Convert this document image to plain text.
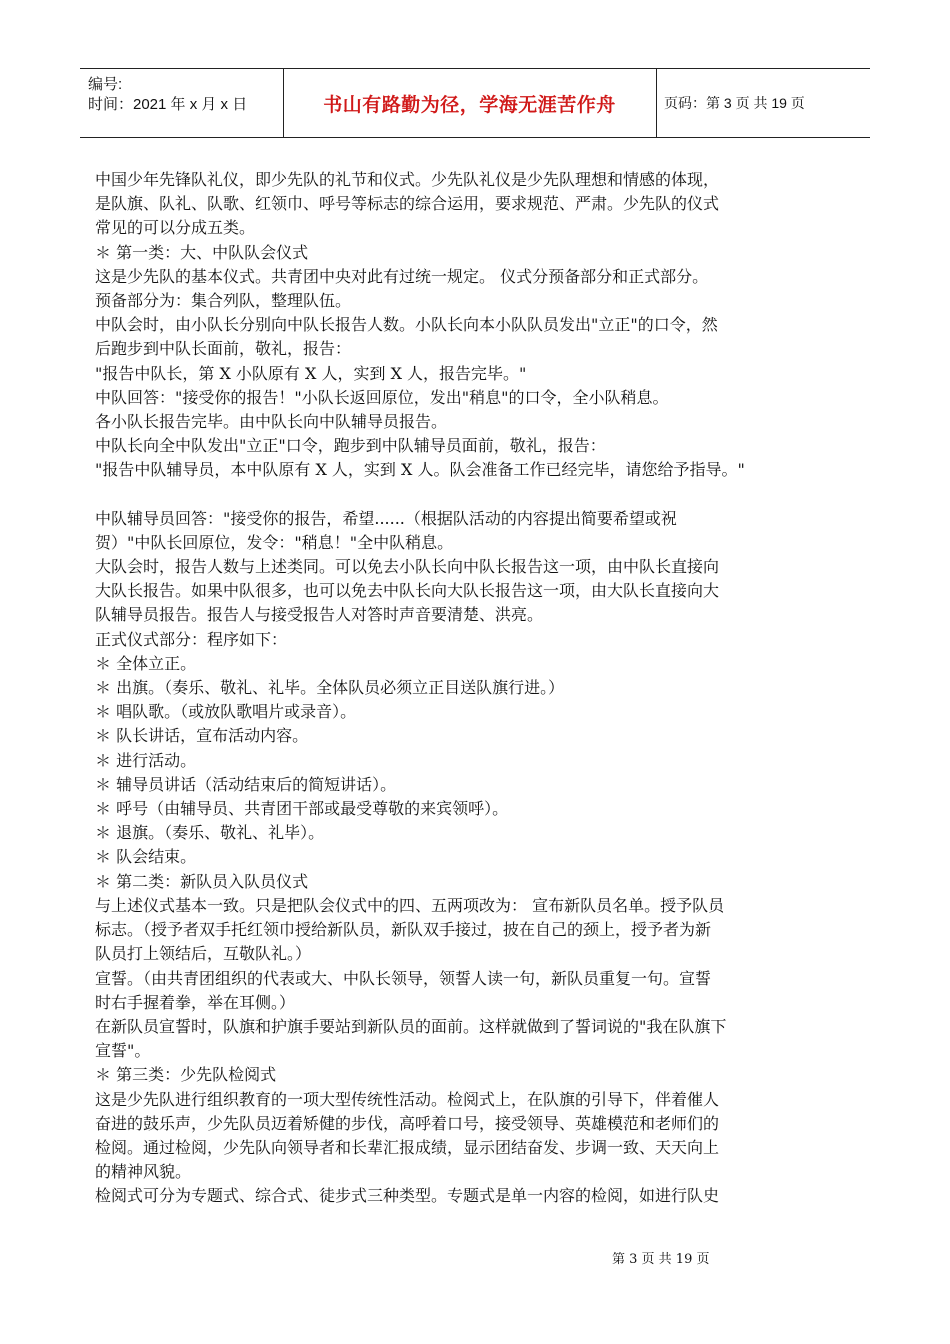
编号:
时间：2021 年 x 月 x 日	书山有路勤为径，学海无涯苦作舟	页码：第 3 页 共 19 页

中国少年先锋队礼仪，即少先队的礼节和仪式。少先队礼仪是少先队理想和情感的体现，

是队旗、队礼、队歌、红领巾、呼号等标志的综合运用，要求规范、严肃。少先队的仪式

常见的可以分成五类。

＊ 第一类：大、中队队会仪式

这是少先队的基本仪式。共青团中央对此有过统一规定。 仪式分预备部分和正式部分。

预备部分为：集合列队，整理队伍。

中队会时，由小队长分别向中队长报告人数。小队长向本小队队员发出"立正"的口令，然

后跑步到中队长面前，敬礼，报告：

"报告中队长，第 X 小队原有 X 人，实到 X 人，报告完毕。"

中队回答："接受你的报告！"小队长返回原位，发出"稍息"的口令，全小队稍息。

各小队长报告完毕。由中队长向中队辅导员报告。

中队长向全中队发出"立正"口令，跑步到中队辅导员面前，敬礼，报告：

"报告中队辅导员，本中队原有 X 人，实到 X 人。队会准备工作已经完毕，请您给予指导。"

中队辅导员回答："接受你的报告，希望......（根据队活动的内容提出简要希望或祝

贺）"中队长回原位，发令："稍息！"全中队稍息。

大队会时，报告人数与上述类同。可以免去小队长向中队长报告这一项，由中队长直接向

大队长报告。如果中队很多，也可以免去中队长向大队长报告这一项，由大队长直接向大

队辅导员报告。报告人与接受报告人对答时声音要清楚、洪亮。

正式仪式部分：程序如下：

＊ 全体立正。

＊ 出旗。（奏乐、敬礼、礼毕。全体队员必须立正目送队旗行进。）

＊ 唱队歌。（或放队歌唱片或录音）。

＊ 队长讲话，宣布活动内容。

＊ 进行活动。

＊ 辅导员讲话（活动结束后的简短讲话）。

＊ 呼号（由辅导员、共青团干部或最受尊敬的来宾领呼）。

＊ 退旗。（奏乐、敬礼、礼毕）。

＊ 队会结束。

＊ 第二类：新队员入队员仪式

与上述仪式基本一致。只是把队会仪式中的四、五两项改为： 宣布新队员名单。授予队员

标志。（授予者双手托红领巾授给新队员，新队双手接过，披在自己的颈上，授予者为新

队员打上领结后，互敬队礼。）

宣誓。（由共青团组织的代表或大、中队长领导，领誓人读一句，新队员重复一句。宣誓

时右手握着拳，举在耳侧。）

在新队员宣誓时，队旗和护旗手要站到新队员的面前。这样就做到了誓词说的"我在队旗下

宣誓"。

＊ 第三类：少先队检阅式

这是少先队进行组织教育的一项大型传统性活动。检阅式上，在队旗的引导下，伴着催人

奋进的鼓乐声，少先队员迈着矫健的步伐，高呼着口号，接受领导、英雄模范和老师们的

检阅。通过检阅，少先队向领导者和长辈汇报成绩，显示团结奋发、步调一致、天天向上

的精神风貌。

检阅式可分为专题式、综合式、徒步式三种类型。专题式是单一内容的检阅，如进行队史

第 3 页 共 19 页
